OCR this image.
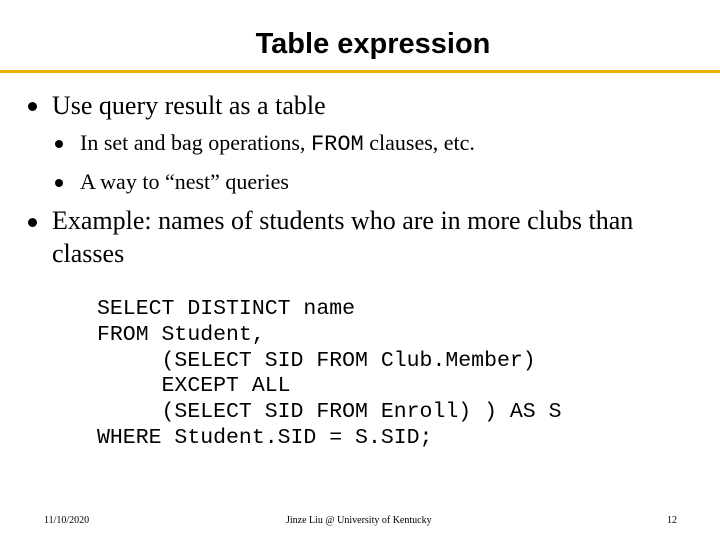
Table expression
Use query result as a table
In set and bag operations, FROM clauses, etc.
A way to “nest” queries
Example: names of students who are in more clubs than
classes
SELECT DISTINCT name
FROM Student,
(SELECT SID FROM Club.Member)
EXCEPT ALL
(SELECT SID FROM Enroll) ) AS S
WHERE Student.SID = S.SID;
11/10/2020	Jinze Liu @ University of Kentucky	12
